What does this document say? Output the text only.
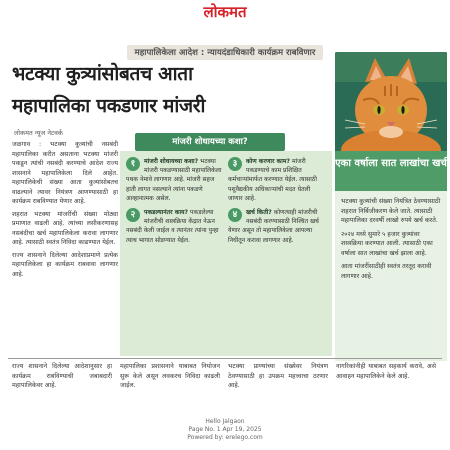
लोकमत
महापालिकेला आदेश : न्यायदंडाधिकारी कार्यक्रम राबविणार
भटक्या कुत्र्यांसोबतच आता
महापालिका पकडणार मांजरी
एका वर्षाला सात लाखांचा खर्च

भटक्या कुत्र्यांची संख्या नियंत्रित ठेवण्यासाठी शहरात निर्बिजीकरण केले जाते. त्यासाठी महापालिका दरवर्षी लाखो रुपये खर्च करते.

२०२४ मध्ये सुमारे ५ हजार कुत्र्यांवर शस्त्रक्रिया करण्यात आली. त्यासाठी एका वर्षाला सात लाखांचा खर्च झाला आहे.

आता मांजरींसाठीही स्वतंत्र तरतूद करावी लागणार आहे.

लोकमत न्यूज नेटवर्क

जळगाव : भटक्या कुत्र्यांची नसबंदी महापालिका करीत असताना भटक्या मांजरी पकडून त्यांची नसबंदी करण्याचे आदेश राज्य शासनाने महापालिकेला दिले आहेत. महापालिकेची संख्या आता कुत्र्यांसोबतच वाढल्याने त्यावर नियंत्रण आणण्यासाठी हा कार्यक्रम राबविण्यात येणार आहे.

शहरात भटक्या मांजरींची संख्या मोठ्या प्रमाणात वाढली आहे. त्यांच्या लसीकरणासह नसबंदीचा खर्च महापालिकेला करावा लागणार आहे. त्यासाठी स्वतंत्र निविदा काढण्यात येईल.

राज्य शासनाने दिलेल्या आदेशाप्रमाणे प्रत्येक महापालिकेला हा कार्यक्रम राबवावा लागणार आहे.

मांजरी शोधायच्या कशा?
१	मांजरी शोधायच्या कशा? भटक्या मांजरी पकडण्यासाठी महापालिकेला पथक नेमावे लागणार आहे. मांजरी सहज हाती लागत नसल्याने त्यांना पकडणे आव्हानात्मक असेल.
२	पकडल्यानंतर काय? पकडलेल्या मांजरीची शस्त्रक्रिया केंद्रात नेऊन नसबंदी केली जाईल व त्यानंतर त्यांना पुन्हा त्याच भागात सोडण्यात येईल.
३	कोण करणार काम? मांजरी पकडण्याचे काम प्रशिक्षित कर्मचाऱ्यांमार्फत करण्यात येईल. त्यासाठी पशुवैद्यकीय अधिकाऱ्यांची मदत घेतली जाणार आहे.
४	खर्च किती? कोणत्याही मांजरीची नसबंदी करण्यासाठी निश्चित खर्च येणार असून तो महापालिकेला आपल्या निधीतून करावा लागणार आहे.
राज्य शासनाने दिलेल्या आदेशानुसार हा कार्यक्रम राबविण्याची जबाबदारी महापालिकेवर आहे.
महापालिका प्रशासनाने याबाबत नियोजन सुरू केले असून लवकरच निविदा काढली जाईल.
भटक्या प्राण्यांच्या संख्येवर नियंत्रण ठेवण्यासाठी हा उपक्रम महत्त्वाचा ठरणार आहे.
नागरिकांनीही याबाबत सहकार्य करावे, असे आवाहन महापालिकेने केले आहे.
Hello Jalgaon
Page No. 1 Apr 19, 2025
Powered by: erelego.com
